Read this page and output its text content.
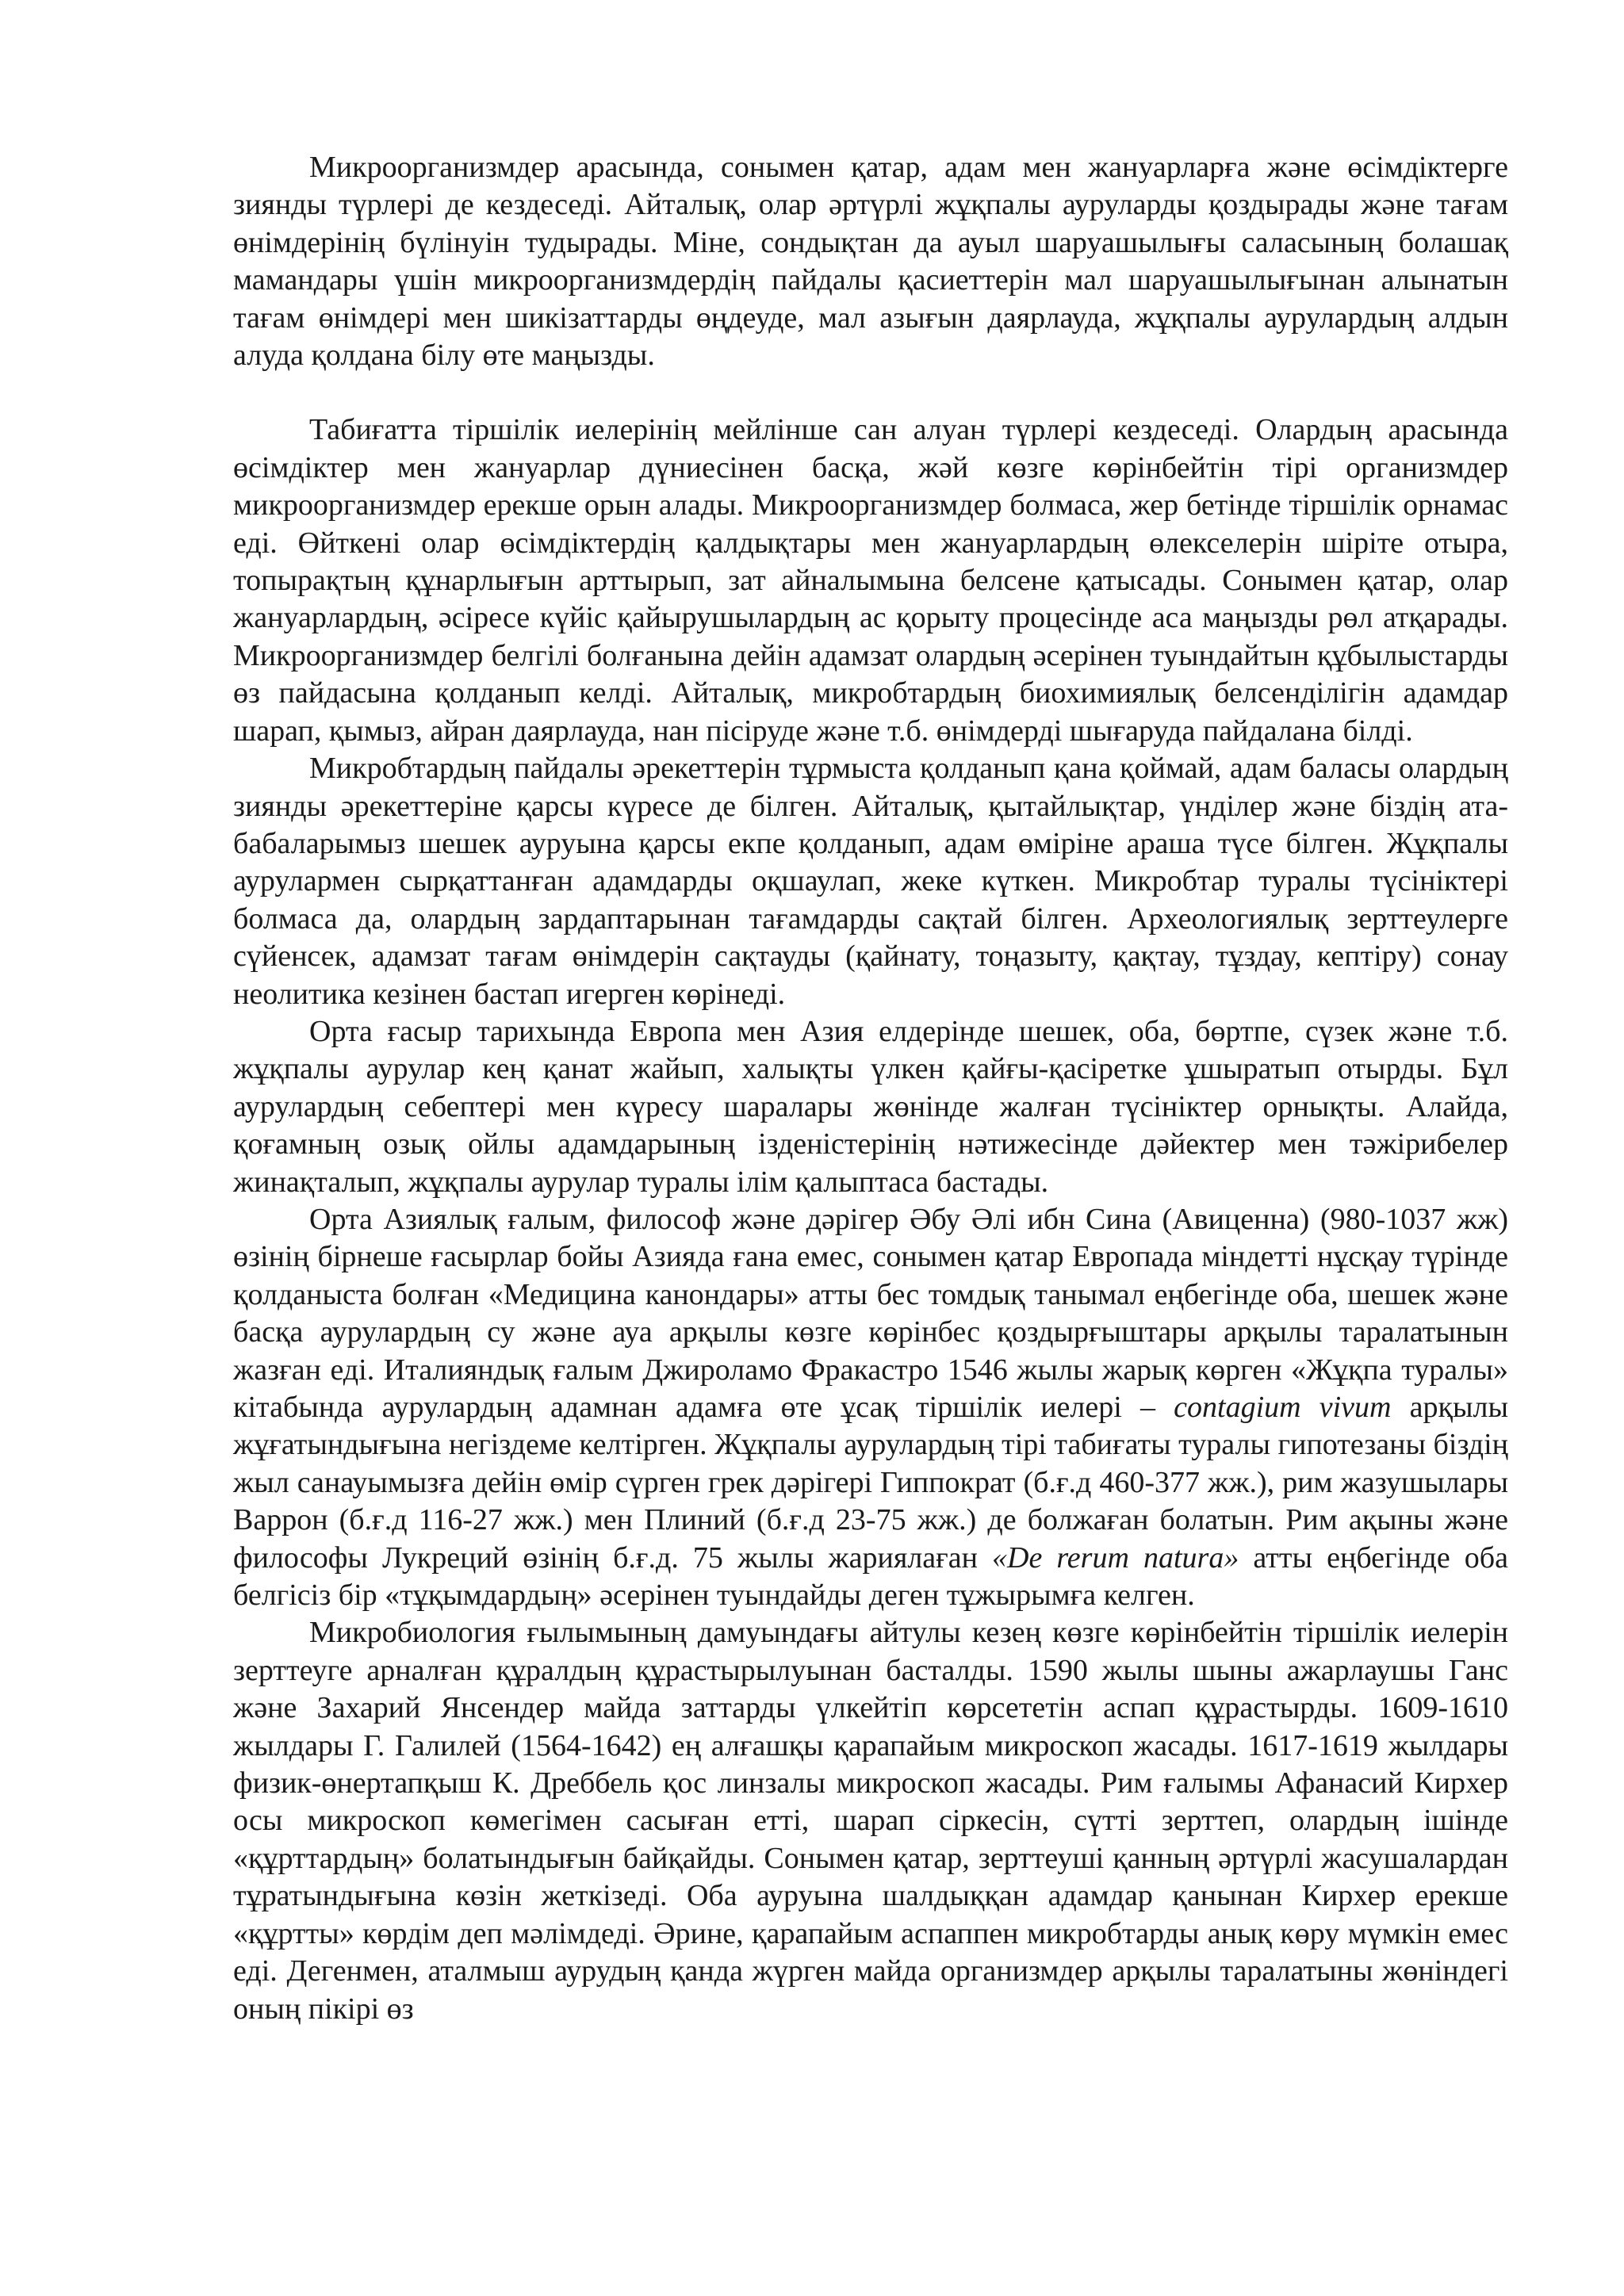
Микроорганизмдер арасында, сонымен қатар, адам мен жануарларға және өсімдіктерге зиянды түрлері де кездеседі. Айталық, олар әртүрлі жұқпалы ауруларды қоздырады және тағам өнімдерінің бүлінуін тудырады. Міне, сондықтан да ауыл шаруашылығы саласының болашақ мамандары үшін микроорганизмдердің пайдалы қасиеттерін мал шаруашылығынан алынатын тағам өнімдері мен шикізаттарды өңдеуде, мал азығын даярлауда, жұқпалы аурулардың алдын алуда қолдана білу өте маңызды.

Табиғатта тіршілік иелерінің мейлінше сан алуан түрлері кездеседі. Олардың арасында өсімдіктер мен жануарлар дүниесінен басқа, жәй көзге көрінбейтін тірі организмдер микроорганизмдер ерекше орын алады. Микроорганизмдер болмаса, жер бетінде тіршілік орнамас еді. Өйткені олар өсімдіктердің қалдықтары мен жануарлардың өлекселерін шіріте отыра, топырақтың құнарлығын арттырып, зат айналымына белсене қатысады. Сонымен қатар, олар жануарлардың, әсіресе күйіс қайырушылардың ас қорыту процесінде аса маңызды рөл атқарады. Микроорганизмдер белгілі болғанына дейін адамзат олардың әсерінен туындайтын құбылыстарды өз пайдасына қолданып келді. Айталық, микробтардың биохимиялық белсенділігін адамдар шарап, қымыз, айран даярлауда, нан пісіруде және т.б. өнімдерді шығаруда пайдалана білді.

Микробтардың пайдалы әрекеттерін тұрмыста қолданып қана қоймай, адам баласы олардың зиянды әрекеттеріне қарсы күресе де білген. Айталық, қытайлықтар, үнділер және біздің ата-бабаларымыз шешек ауруына қарсы екпе қолданып, адам өміріне араша түсе білген. Жұқпалы аурулармен сырқаттанған адамдарды оқшаулап, жеке күткен. Микробтар туралы түсініктері болмаса да, олардың зардаптарынан тағамдарды сақтай білген. Археологиялық зерттеулерге сүйенсек, адамзат тағам өнімдерін сақтауды (қайнату, тоңазыту, қақтау, тұздау, кептіру) сонау неолитика кезінен бастап игерген көрінеді.

Орта ғасыр тарихында Европа мен Азия елдерінде шешек, оба, бөртпе, сүзек және т.б. жұқпалы аурулар кең қанат жайып, халықты үлкен қайғы-қасіретке ұшыратып отырды. Бұл аурулардың себептері мен күресу шаралары жөнінде жалған түсініктер орнықты. Алайда, қоғамның озық ойлы адамдарының ізденістерінің нәтижесінде дәйектер мен тәжірибелер жинақталып, жұқпалы аурулар туралы ілім қалыптаса бастады.

Орта Азиялық ғалым, философ және дәрігер Әбу Әлі ибн Сина (Авиценна) (980-1037 жж) өзінің бірнеше ғасырлар бойы Азияда ғана емес, сонымен қатар Европада міндетті нұсқау түрінде қолданыста болған «Медицина канондары» атты бес томдық танымал еңбегінде оба, шешек және басқа аурулардың су және ауа арқылы көзге көрінбес қоздырғыштары арқылы таралатынын жазған еді. Италияндық ғалым Джироламо Фракастро 1546 жылы жарық көрген «Жұқпа туралы» кітабында аурулардың адамнан адамға өте ұсақ тіршілік иелері – contagium vivum арқылы жұғатындығына негіздеме келтірген. Жұқпалы аурулардың тірі табиғаты туралы гипотезаны біздің жыл санауымызға дейін өмір сүрген грек дәрігері Гиппократ (б.ғ.д 460-377 жж.), рим жазушылары Варрон (б.ғ.д 116-27 жж.) мен Плиний (б.ғ.д 23-75 жж.) де болжаған болатын. Рим ақыны және философы Лукреций өзінің б.ғ.д. 75 жылы жариялаған «De rerum natura» атты еңбегінде оба белгісіз бір «тұқымдардың» әсерінен туындайды деген тұжырымға келген.

Микробиология ғылымының дамуындағы айтулы кезең көзге көрінбейтін тіршілік иелерін зерттеуге арналған құралдың құрастырылуынан басталды. 1590 жылы шыны ажарлаушы Ганс және Захарий Янсендер майда заттарды үлкейтіп көрсететін аспап құрастырды. 1609-1610 жылдары Г. Галилей (1564-1642) ең алғашқы қарапайым микроскоп жасады. 1617-1619 жылдары физик-өнертапқыш К. Дреббель қос линзалы микроскоп жасады. Рим ғалымы Афанасий Кирхер осы микроскоп көмегімен сасыған етті, шарап сіркесін, сүтті зерттеп, олардың ішінде «құрттардың» болатындығын байқайды. Сонымен қатар, зерттеуші қанның әртүрлі жасушалардан тұратындығына көзін жеткізеді. Оба ауруына шалдыққан адамдар қанынан Кирхер ерекше «құртты» көрдім деп мәлімдеді. Әрине, қарапайым аспаппен микробтарды анық көру мүмкін емес еді. Дегенмен, аталмыш аурудың қанда жүрген майда организмдер арқылы таралатыны жөніндегі оның пікірі өз
